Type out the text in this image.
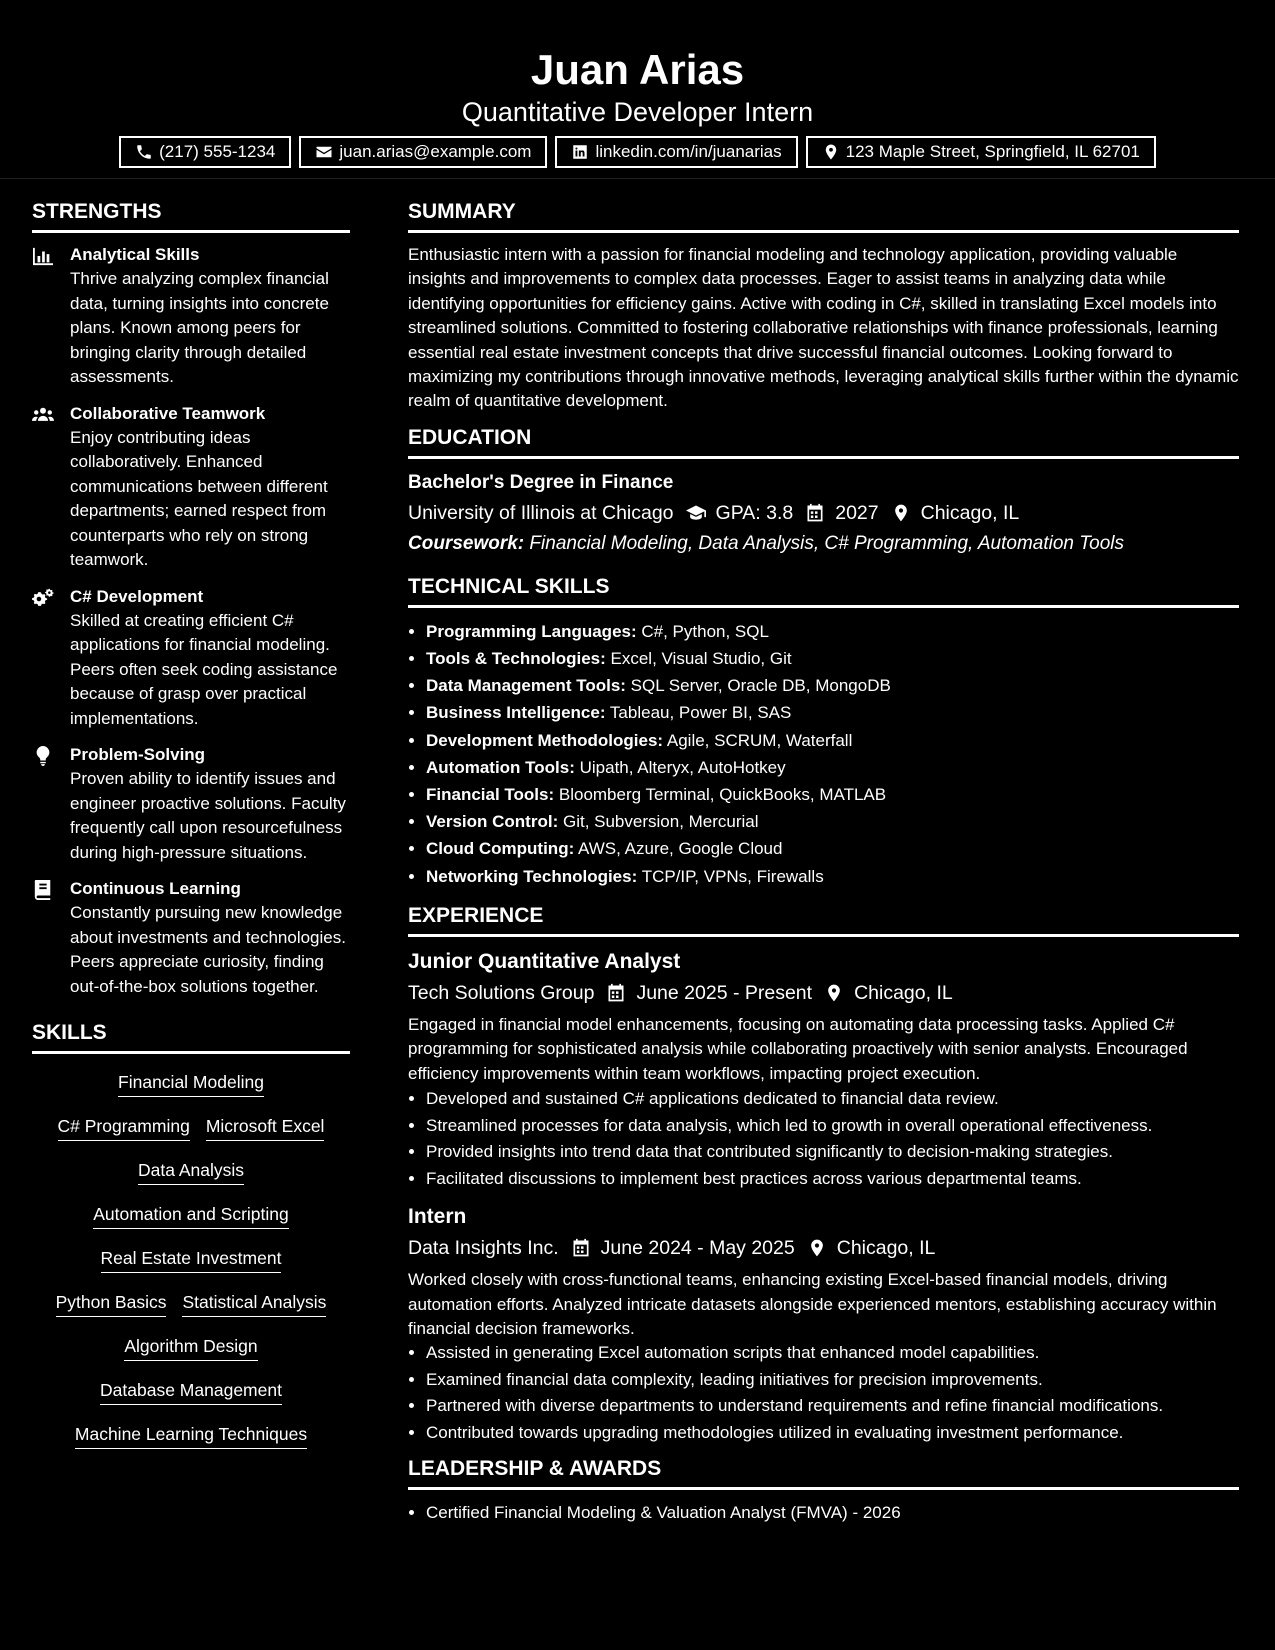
Juan Arias
Quantitative Developer Intern
(217) 555-1234	juan.arias@example.com	linkedin.com/in/juanarias	123 Maple Street, Springfield, IL 62701
STRENGTHS
Analytical Skills
Thrive analyzing complex financial data, turning insights into concrete plans. Known among peers for bringing clarity through detailed assessments.
Collaborative Teamwork
Enjoy contributing ideas collaboratively. Enhanced communications between different departments; earned respect from counterparts who rely on strong teamwork.
C# Development
Skilled at creating efficient C# applications for financial modeling. Peers often seek coding assistance because of grasp over practical implementations.
Problem-Solving
Proven ability to identify issues and engineer proactive solutions. Faculty frequently call upon resourcefulness during high-pressure situations.
Continuous Learning
Constantly pursuing new knowledge about investments and technologies. Peers appreciate curiosity, finding out-of-the-box solutions together.
SKILLS
Financial Modeling
C# Programming Microsoft Excel
Data Analysis
Automation and Scripting
Real Estate Investment
Python Basics Statistical Analysis
Algorithm Design
Database Management
Machine Learning Techniques
SUMMARY

Enthusiastic intern with a passion for financial modeling and technology application, providing valuable insights and improvements to complex data processes. Eager to assist teams in analyzing data while identifying opportunities for efficiency gains. Active with coding in C#, skilled in translating Excel models into streamlined solutions. Committed to fostering collaborative relationships with finance professionals, learning essential real estate investment concepts that drive successful financial outcomes. Looking forward to maximizing my contributions through innovative methods, leveraging analytical skills further within the dynamic realm of quantitative development.

EDUCATION
Bachelor's Degree in Finance
University of Illinois at Chicago GPA: 3.8 2027 Chicago, IL
Coursework: Financial Modeling, Data Analysis, C# Programming, Automation Tools
TECHNICAL SKILLS
• Programming Languages: C#, Python, SQL
• Tools & Technologies: Excel, Visual Studio, Git
• Data Management Tools: SQL Server, Oracle DB, MongoDB
• Business Intelligence: Tableau, Power BI, SAS
• Development Methodologies: Agile, SCRUM, Waterfall
• Automation Tools: Uipath, Alteryx, AutoHotkey
• Financial Tools: Bloomberg Terminal, QuickBooks, MATLAB
• Version Control: Git, Subversion, Mercurial
• Cloud Computing: AWS, Azure, Google Cloud
• Networking Technologies: TCP/IP, VPNs, Firewalls
EXPERIENCE
Junior Quantitative Analyst
Tech Solutions Group June 2025 - Present Chicago, IL
Engaged in financial model enhancements, focusing on automating data processing tasks. Applied C# programming for sophisticated analysis while collaborating proactively with senior analysts. Encouraged efficiency improvements within team workflows, impacting project execution.
• Developed and sustained C# applications dedicated to financial data review.
• Streamlined processes for data analysis, which led to growth in overall operational effectiveness.
• Provided insights into trend data that contributed significantly to decision-making strategies.
• Facilitated discussions to implement best practices across various departmental teams.
Intern
Data Insights Inc. June 2024 - May 2025 Chicago, IL
Worked closely with cross-functional teams, enhancing existing Excel-based financial models, driving automation efforts. Analyzed intricate datasets alongside experienced mentors, establishing accuracy within financial decision frameworks.
• Assisted in generating Excel automation scripts that enhanced model capabilities.
• Examined financial data complexity, leading initiatives for precision improvements.
• Partnered with diverse departments to understand requirements and refine financial modifications.
• Contributed towards upgrading methodologies utilized in evaluating investment performance.
LEADERSHIP & AWARDS
• Certified Financial Modeling & Valuation Analyst (FMVA) - 2026
